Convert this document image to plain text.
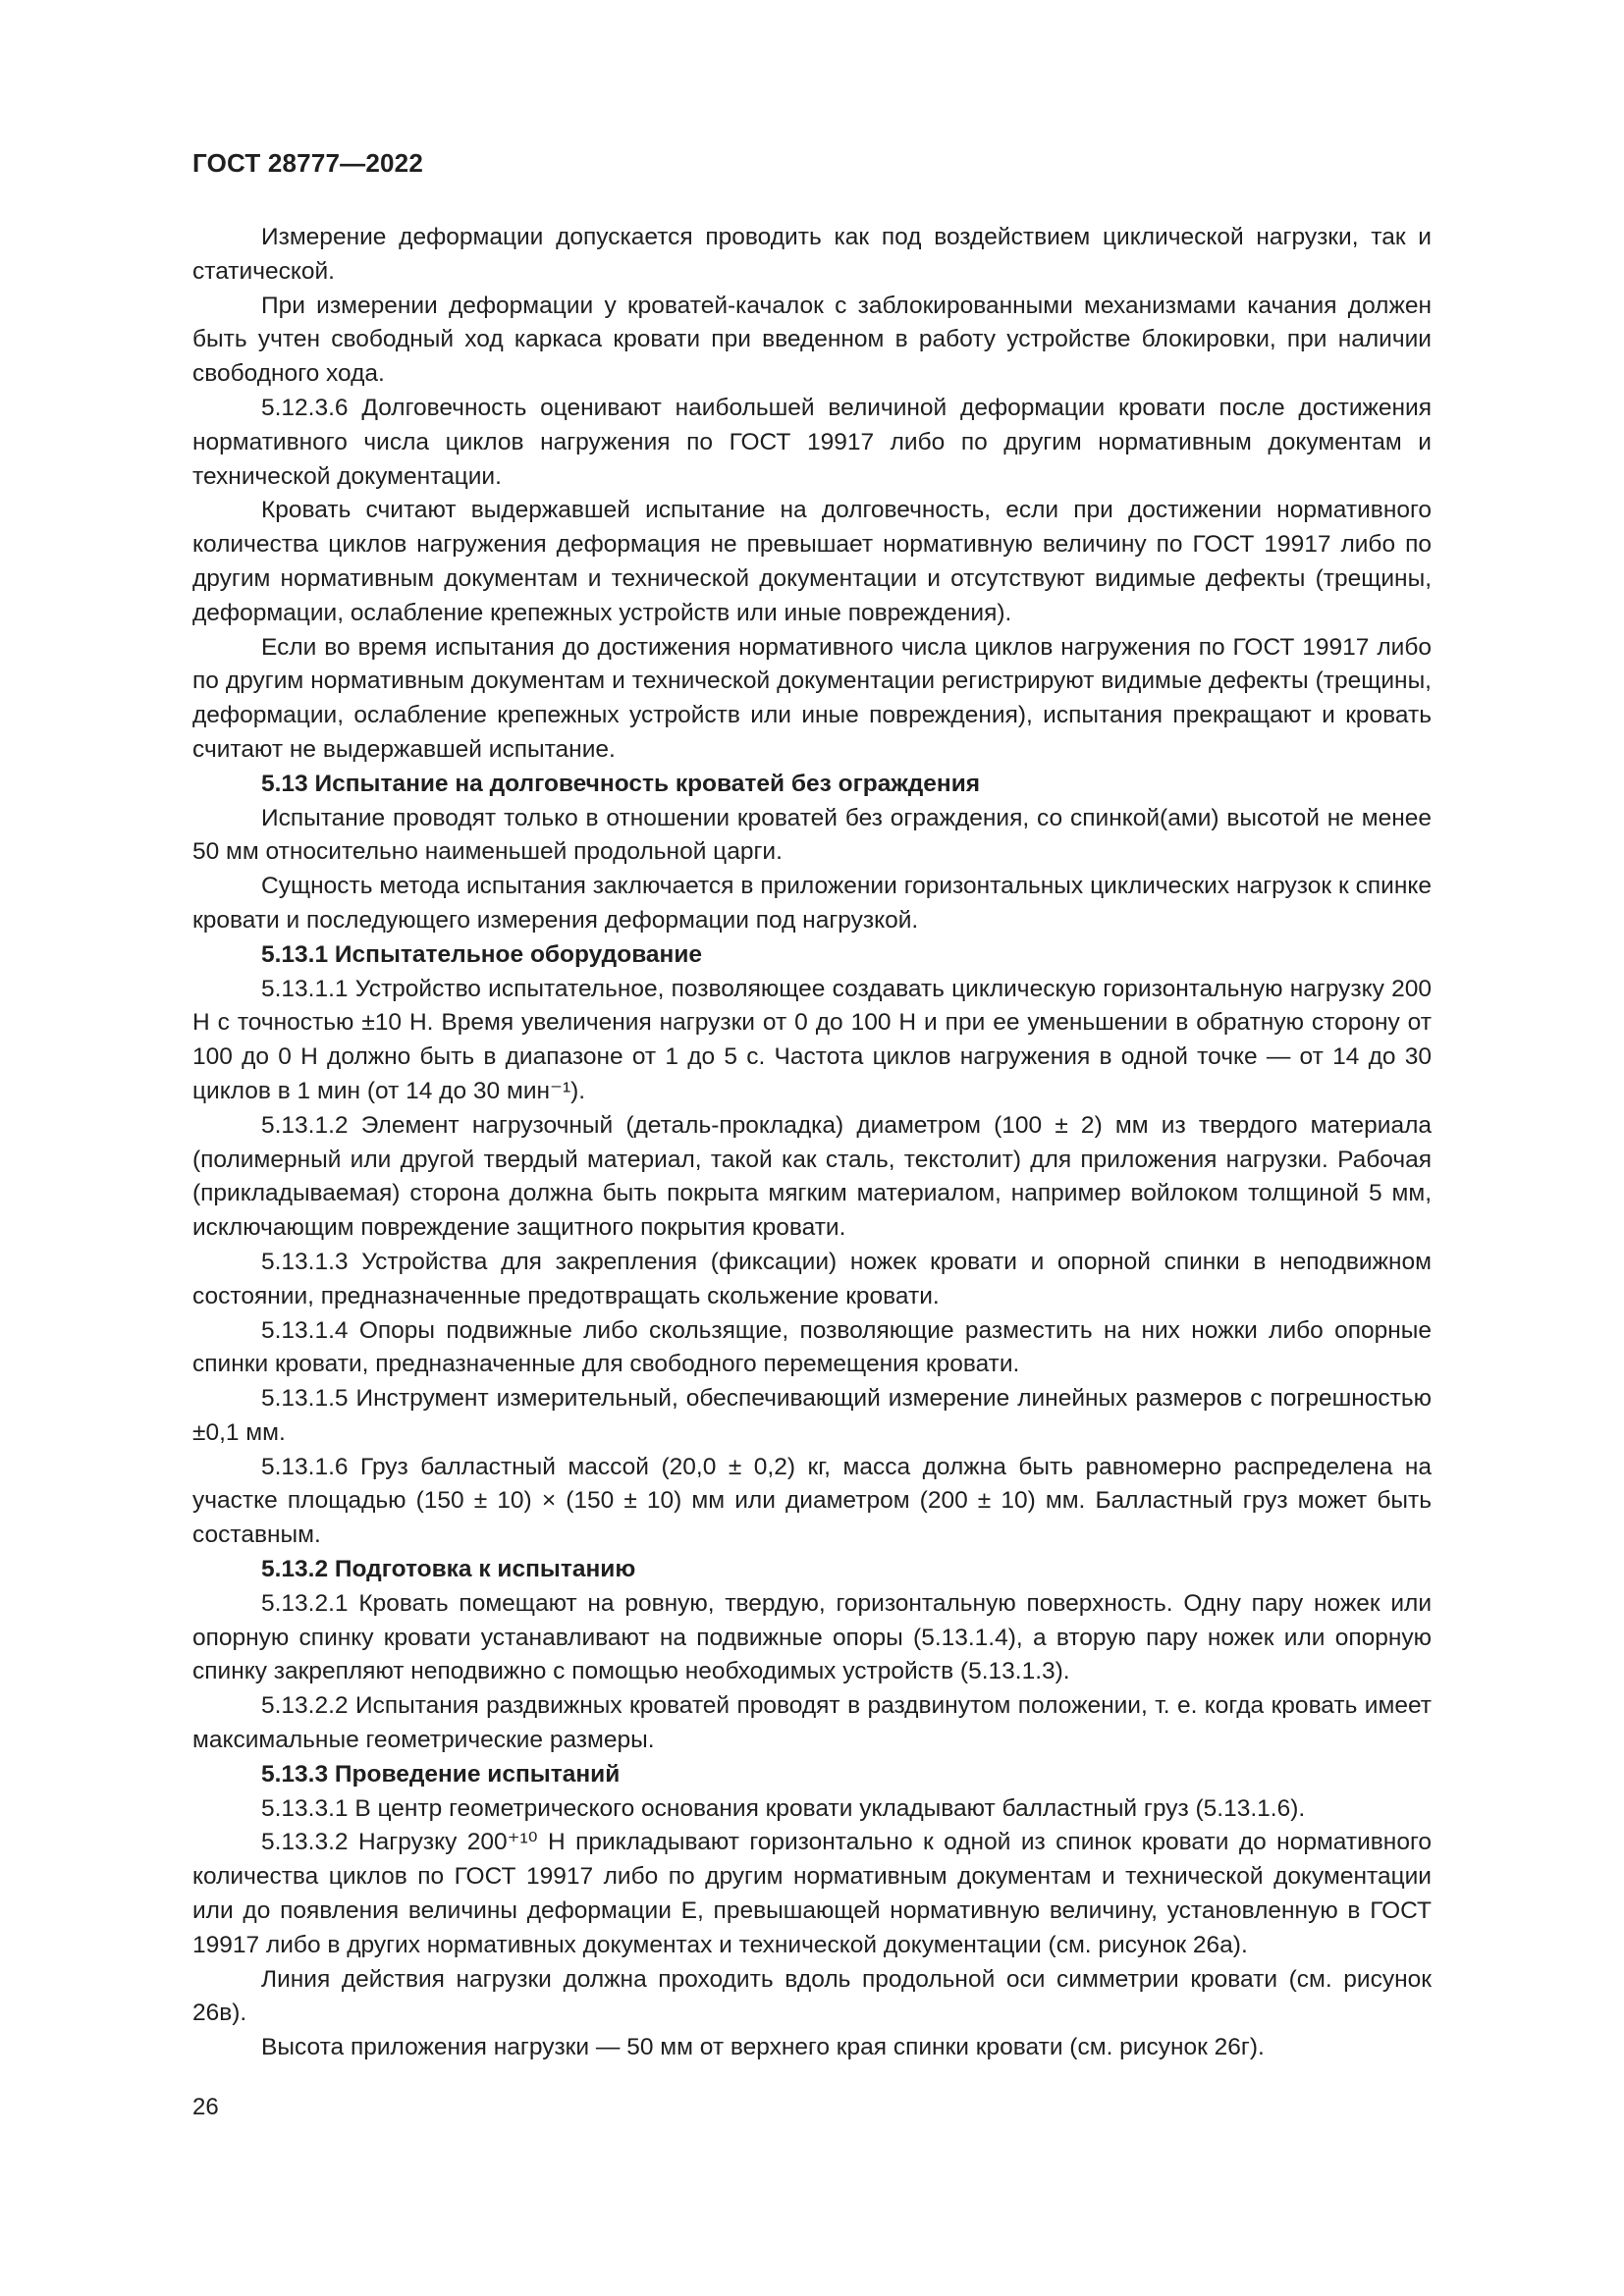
ГОСТ 28777—2022

Измерение деформации допускается проводить как под воздействием циклической нагрузки, так и статической.

При измерении деформации у кроватей-качалок с заблокированными механизмами качания должен быть учтен свободный ход каркаса кровати при введенном в работу устройстве блокировки, при наличии свободного хода.

5.12.3.6 Долговечность оценивают наибольшей величиной деформации кровати после достижения нормативного числа циклов нагружения по ГОСТ 19917 либо по другим нормативным документам и технической документации.

Кровать считают выдержавшей испытание на долговечность, если при достижении нормативного количества циклов нагружения деформация не превышает нормативную величину по ГОСТ 19917 либо по другим нормативным документам и технической документации и отсутствуют видимые дефекты (трещины, деформации, ослабление крепежных устройств или иные повреждения).

Если во время испытания до достижения нормативного числа циклов нагружения по ГОСТ 19917 либо по другим нормативным документам и технической документации регистрируют видимые дефекты (трещины, деформации, ослабление крепежных устройств или иные повреждения), испытания прекращают и кровать считают не выдержавшей испытание.

5.13 Испытание на долговечность кроватей без ограждения

Испытание проводят только в отношении кроватей без ограждения, со спинкой(ами) высотой не менее 50 мм относительно наименьшей продольной царги.

Сущность метода испытания заключается в приложении горизонтальных циклических нагрузок к спинке кровати и последующего измерения деформации под нагрузкой.

5.13.1 Испытательное оборудование

5.13.1.1 Устройство испытательное, позволяющее создавать циклическую горизонтальную нагрузку 200 Н с точностью ±10 Н. Время увеличения нагрузки от 0 до 100 Н и при ее уменьшении в обратную сторону от 100 до 0 Н должно быть в диапазоне от 1 до 5 с. Частота циклов нагружения в одной точке — от 14 до 30 циклов в 1 мин (от 14 до 30 мин⁻¹).

5.13.1.2 Элемент нагрузочный (деталь-прокладка) диаметром (100 ± 2) мм из твердого материала (полимерный или другой твердый материал, такой как сталь, текстолит) для приложения нагрузки. Рабочая (прикладываемая) сторона должна быть покрыта мягким материалом, например войлоком толщиной 5 мм, исключающим повреждение защитного покрытия кровати.

5.13.1.3 Устройства для закрепления (фиксации) ножек кровати и опорной спинки в неподвижном состоянии, предназначенные предотвращать скольжение кровати.

5.13.1.4 Опоры подвижные либо скользящие, позволяющие разместить на них ножки либо опорные спинки кровати, предназначенные для свободного перемещения кровати.

5.13.1.5 Инструмент измерительный, обеспечивающий измерение линейных размеров с погрешностью ±0,1 мм.

5.13.1.6 Груз балластный массой (20,0 ± 0,2) кг, масса должна быть равномерно распределена на участке площадью (150 ± 10) × (150 ± 10) мм или диаметром (200 ± 10) мм. Балластный груз может быть составным.

5.13.2 Подготовка к испытанию

5.13.2.1 Кровать помещают на ровную, твердую, горизонтальную поверхность. Одну пару ножек или опорную спинку кровати устанавливают на подвижные опоры (5.13.1.4), а вторую пару ножек или опорную спинку закрепляют неподвижно с помощью необходимых устройств (5.13.1.3).

5.13.2.2 Испытания раздвижных кроватей проводят в раздвинутом положении, т. е. когда кровать имеет максимальные геометрические размеры.

5.13.3 Проведение испытаний

5.13.3.1 В центр геометрического основания кровати укладывают балластный груз (5.13.1.6).

5.13.3.2 Нагрузку 200⁺¹⁰ Н прикладывают горизонтально к одной из спинок кровати до нормативного количества циклов по ГОСТ 19917 либо по другим нормативным документам и технической документации или до появления величины деформации Е, превышающей нормативную величину, установленную в ГОСТ 19917 либо в других нормативных документах и технической документации (см. рисунок 26а).

Линия действия нагрузки должна проходить вдоль продольной оси симметрии кровати (см. рисунок 26в).

Высота приложения нагрузки — 50 мм от верхнего края спинки кровати (см. рисунок 26г).

26
